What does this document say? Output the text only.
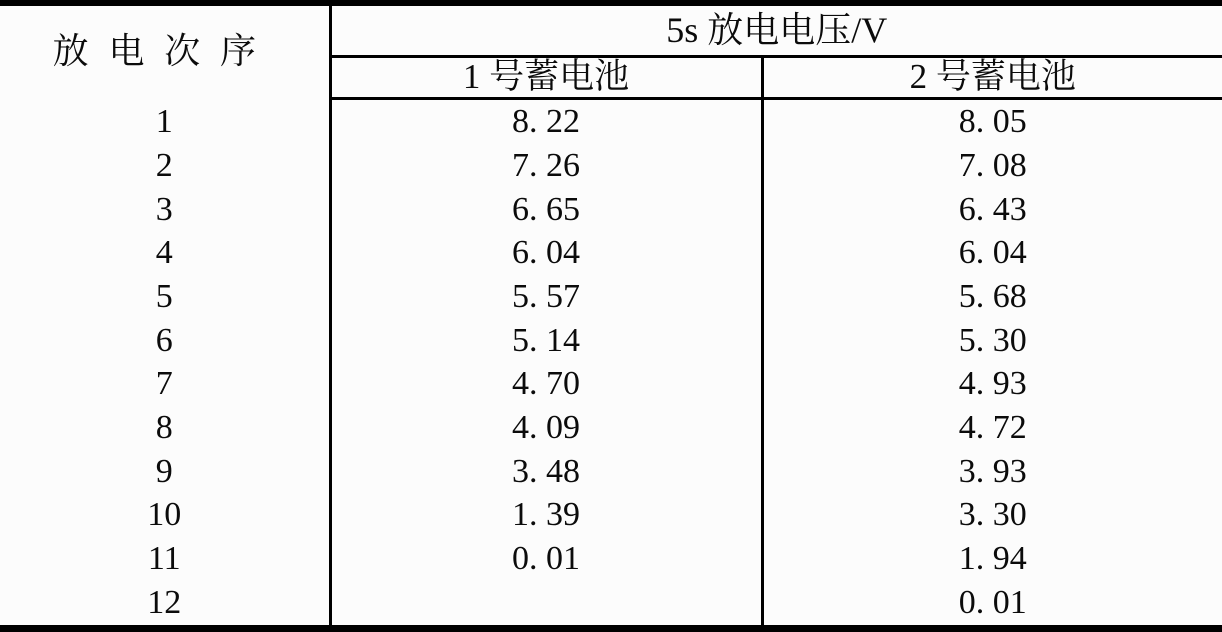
放电次序	5s 放电电压/V	
	1 号蓄电池	2 号蓄电池
1	8. 22	8. 05
2	7. 26	7. 08
3	6. 65	6. 43
4	6. 04	6. 04
5	5. 57	5. 68
6	5. 14	5. 30
7	4. 70	4. 93
8	4. 09	4. 72
9	3. 48	3. 93
10	1. 39	3. 30
11	0. 01	1. 94
12		0. 01
